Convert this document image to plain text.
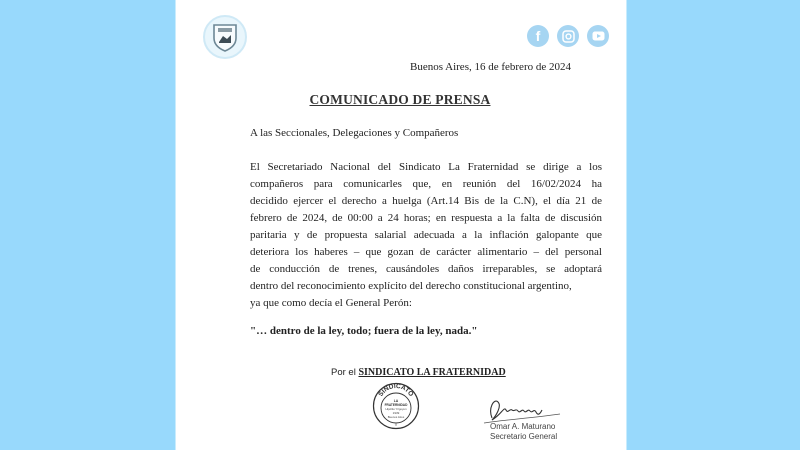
f
Buenos Aires, 16 de febrero de 2024
COMUNICADO DE PRENSA
A las Seccionales, Delegaciones y Compañeros
El Secretariado Nacional del Sindicato La Fraternidad se dirige a los
compañeros para comunicarles que, en reunión del 16/02/2024 ha
decidido ejercer el derecho a huelga (Art.14 Bis de la C.N), el día 21 de
febrero de 2024, de 00:00 a 24 horas; en respuesta a la falta de discusión
paritaria y de propuesta salarial adecuada a la inflación galopante que
deteriora los haberes – que gozan de carácter alimentario – del personal
de conducción de trenes, causándoles daños irreparables, se adoptará
dentro del reconocimiento explícito del derecho constitucional argentino,
ya que como decía el General Perón:
"… dentro de la ley, todo; fuera de la ley, nada."
Por el SINDICATO LA FRATERNIDAD
SINDICATO
LA
FRATERNIDAD
Hipólito Yrigoyen
1939
Buenos Aires
®	Omar A. Maturano
Secretario General
